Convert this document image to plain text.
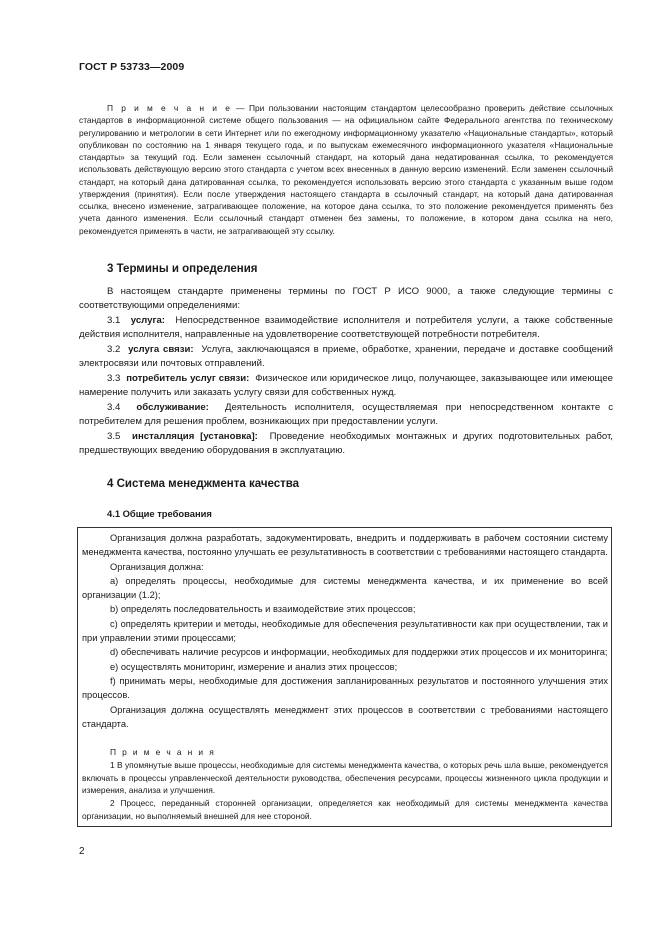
ГОСТ Р 53733—2009

П р и м е ч а н и е — При пользовании настоящим стандартом целесообразно проверить действие ссылочных стандартов в информационной системе общего пользования — на официальном сайте Федерального агентства по техническому регулированию и метрологии в сети Интернет или по ежегодному информационному указателю «Национальные стандарты», который опубликован по состоянию на 1 января текущего года, и по выпускам ежемесячного информационного указателя «Национальные стандарты» за текущий год. Если заменен ссылочный стандарт, на который дана недатированная ссылка, то рекомендуется использовать действующую версию этого стандарта с учетом всех внесенных в данную версию изменений. Если заменен ссылочный стандарт, на который дана датированная ссылка, то рекомендуется использовать версию этого стандарта с указанным выше годом утверждения (принятия). Если после утверждения настоящего стандарта в ссылочный стандарт, на который дана датированная ссылка, внесено изменение, затрагивающее положение, на которое дана ссылка, то это положение рекомендуется применять без учета данного изменения. Если ссылочный стандарт отменен без замены, то положение, в котором дана ссылка на него, рекомендуется применять в части, не затрагивающей эту ссылку.

3 Термины и определения

В настоящем стандарте применены термины по ГОСТ Р ИСО 9000, а также следующие термины с соответствующими определениями:

3.1 услуга: Непосредственное взаимодействие исполнителя и потребителя услуги, а также собственные действия исполнителя, направленные на удовлетворение соответствующей потребности потребителя.

3.2 услуга связи: Услуга, заключающаяся в приеме, обработке, хранении, передаче и доставке сообщений электросвязи или почтовых отправлений.

3.3 потребитель услуг связи: Физическое или юридическое лицо, получающее, заказывающее или имеющее намерение получить или заказать услугу связи для собственных нужд.

3.4 обслуживание: Деятельность исполнителя, осуществляемая при непосредственном контакте с потребителем для решения проблем, возникающих при предоставлении услуги.

3.5 инсталляция [установка]: Проведение необходимых монтажных и других подготовительных работ, предшествующих введению оборудования в эксплуатацию.

4 Система менеджмента качества
4.1 Общие требования

Организация должна разработать, задокументировать, внедрить и поддерживать в рабочем состоянии систему менеджмента качества, постоянно улучшать ее результативность в соответствии с требованиями настоящего стандарта.

Организация должна:

a) определять процессы, необходимые для системы менеджмента качества, и их применение во всей организации (1.2);

b) определять последовательность и взаимодействие этих процессов;

c) определять критерии и методы, необходимые для обеспечения результативности как при осуществлении, так и при управлении этими процессами;

d) обеспечивать наличие ресурсов и информации, необходимых для поддержки этих процессов и их мониторинга;

e) осуществлять мониторинг, измерение и анализ этих процессов;

f) принимать меры, необходимые для достижения запланированных результатов и постоянного улучшения этих процессов.

Организация должна осуществлять менеджмент этих процессов в соответствии с требованиями настоящего стандарта.

П р и м е ч а н и я

1 В упомянутые выше процессы, необходимые для системы менеджмента качества, о которых речь шла выше, рекомендуется включать в процессы управленческой деятельности руководства, обеспечения ресурсами, процессы жизненного цикла продукции и измерения, анализа и улучшения.

2 Процесс, переданный сторонней организации, определяется как необходимый для системы менеджмента качества организации, но выполняемый внешней для нее стороной.

2
